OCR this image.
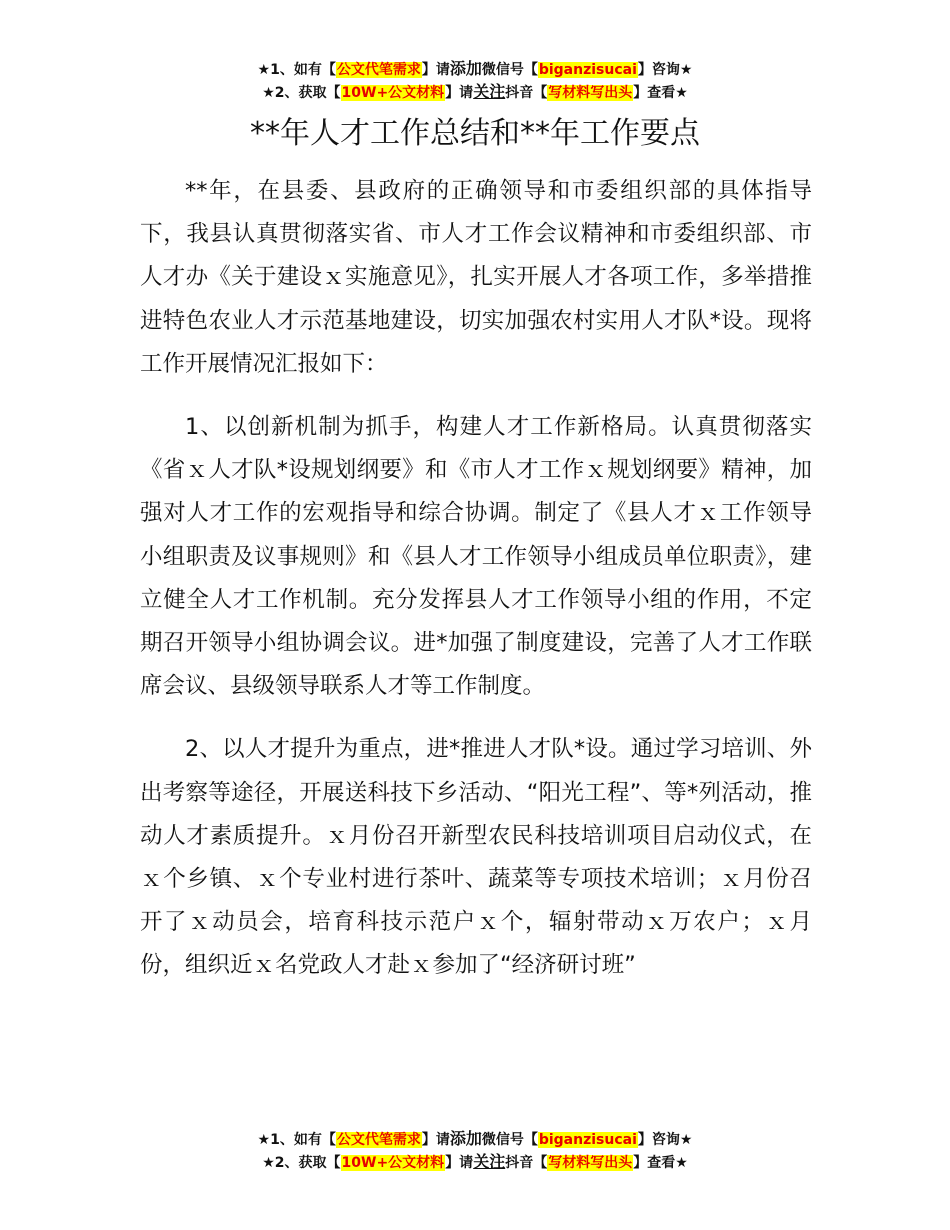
★1、如有【公文代笔需求】请添加微信号【biganzisucai】咨询★
★2、获取【10W+公文材料】请关注抖音【写材料写出头】查看★
**年人才工作总结和**年工作要点

**年，在县委、县政府的正确领导和市委组织部的具体指导下，我县认真贯彻落实省、市人才工作会议精神和市委组织部、市人才办《关于建设ｘ实施意见》，扎实开展人才各项工作，多举措推进特色农业人才示范基地建设，切实加强农村实用人才队*设。现将工作开展情况汇报如下：

1、以创新机制为抓手，构建人才工作新格局。认真贯彻落实《省ｘ人才队*设规划纲要》和《市人才工作ｘ规划纲要》精神，加强对人才工作的宏观指导和综合协调。制定了《县人才ｘ工作领导小组职责及议事规则》和《县人才工作领导小组成员单位职责》，建立健全人才工作机制。充分发挥县人才工作领导小组的作用，不定期召开领导小组协调会议。进*加强了制度建设，完善了人才工作联席会议、县级领导联系人才等工作制度。

2、以人才提升为重点，进*推进人才队*设。通过学习培训、外出考察等途径，开展送科技下乡活动、“阳光工程”、等*列活动，推动人才素质提升。ｘ月份召开新型农民科技培训项目启动仪式，在ｘ个乡镇、ｘ个专业村进行茶叶、蔬菜等专项技术培训；ｘ月份召开了ｘ动员会，培育科技示范户ｘ个，辐射带动ｘ万农户；ｘ月份，组织近ｘ名党政人才赴ｘ参加了“经济研讨班”

★1、如有【公文代笔需求】请添加微信号【biganzisucai】咨询★
★2、获取【10W+公文材料】请关注抖音【写材料写出头】查看★
